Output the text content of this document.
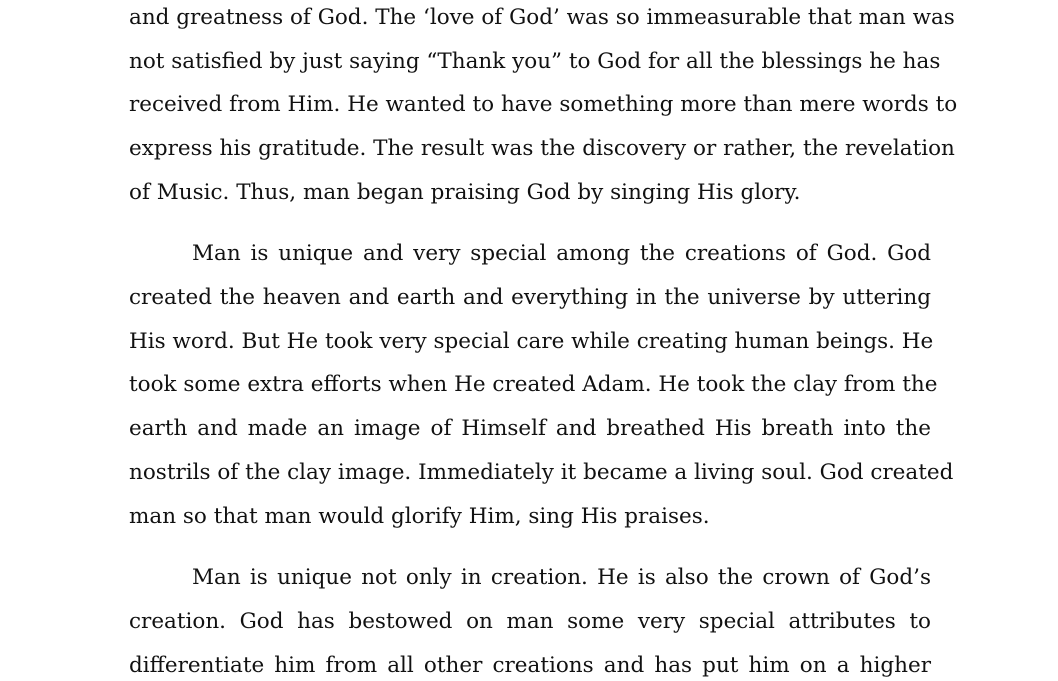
and greatness of God. The ‘love of God’ was so immeasurable that man was
not satisfied by just saying “Thank you” to God for all the blessings he has
received from Him. He wanted to have something more than mere words to
express his gratitude. The result was the discovery or rather, the revelation
of Music. Thus, man began praising God by singing His glory.
Man is unique and very special among the creations of God. God
created the heaven and earth and everything in the universe by uttering
His word. But He took very special care while creating human beings. He
took some extra efforts when He created Adam. He took the clay from the
earth and made an image of Himself and breathed His breath into the
nostrils of the clay image. Immediately it became a living soul. God created
man so that man would glorify Him, sing His praises.
Man is unique not only in creation. He is also the crown of God’s
creation. God has bestowed on man some very special attributes to
differentiate him from all other creations and has put him on a higher
